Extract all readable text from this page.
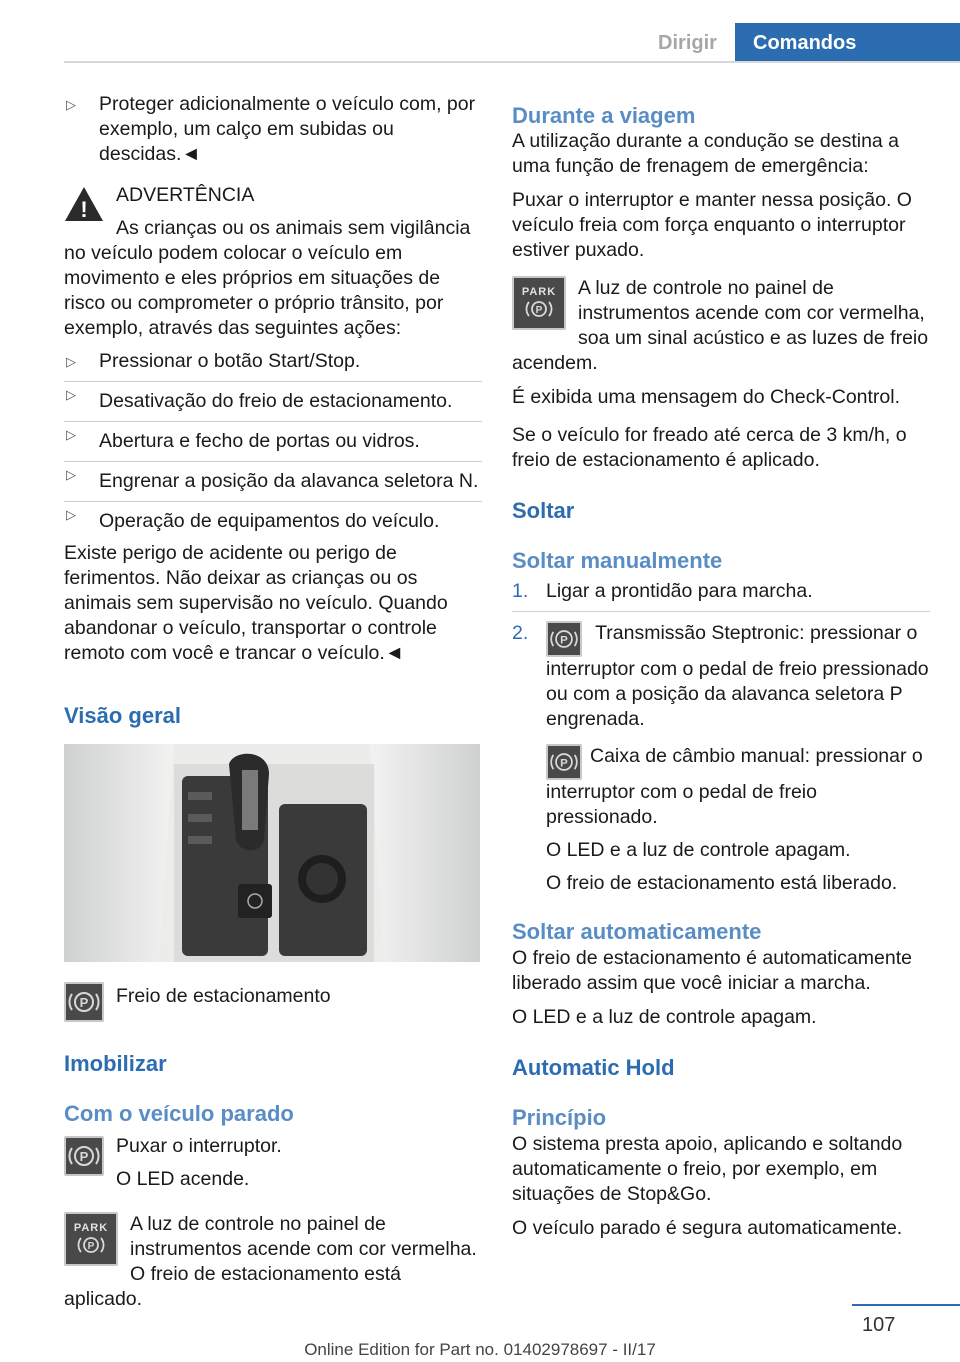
Dirigir	Comandos
▷ Proteger adicionalmente o veículo com, por exemplo, um calço em subidas ou descidas.◄
!

ADVERTÊNCIA

As crianças ou os animais sem vigilância no veículo podem colocar o veículo em movimento e eles próprios em situações de risco ou comprometer o próprio trânsito, por exemplo, através das seguintes ações:

▷ Pressionar o botão Start/Stop.
▷ Desativação do freio de estacionamento.
▷ Abertura e fecho de portas ou vidros.
▷ Engrenar a posição da alavanca seletora N.
▷ Operação de equipamentos do veículo.

Existe perigo de acidente ou perigo de ferimentos. Não deixar as crianças ou os animais sem supervisão no veículo. Quando abandonar o veículo, transportar o controle remoto com você e trancar o veículo.◄

Visão geral
P	Freio de estacionamento

Imobilizar
Com o veículo parado
P	Puxar o interruptor.

O LED acende.

PARK
P

A luz de controle no painel de instrumentos acende com cor vermelha. O freio de estacionamento está aplicado.

Durante a viagem

A utilização durante a condução se destina a uma função de frenagem de emergência:

Puxar o interruptor e manter nessa posição. O veículo freia com força enquanto o interruptor estiver puxado.

PARK
P

A luz de controle no painel de instrumentos acende com cor vermelha, soa um sinal acústico e as luzes de freio acendem.

É exibida uma mensagem do Check-Control.

Se o veículo for freado até cerca de 3 km/h, o freio de estacionamento é aplicado.

Soltar
Soltar manualmente
1. Ligar a prontidão para marcha.
2. P Transmissão Steptronic: pressionar o interruptor com o pedal de freio pressionado ou com a posição da alavanca seletora P engrenada.

P Caixa de câmbio manual: pressionar o interruptor com o pedal de freio pressionado.

O LED e a luz de controle apagam.

O freio de estacionamento está liberado.

Soltar automaticamente

O freio de estacionamento é automaticamente liberado assim que você iniciar a marcha.

O LED e a luz de controle apagam.

Automatic Hold
Princípio

O sistema presta apoio, aplicando e soltando automaticamente o freio, por exemplo, em situações de Stop&Go.

O veículo parado é segura automaticamente.

107
Online Edition for Part no. 01402978697 - II/17
